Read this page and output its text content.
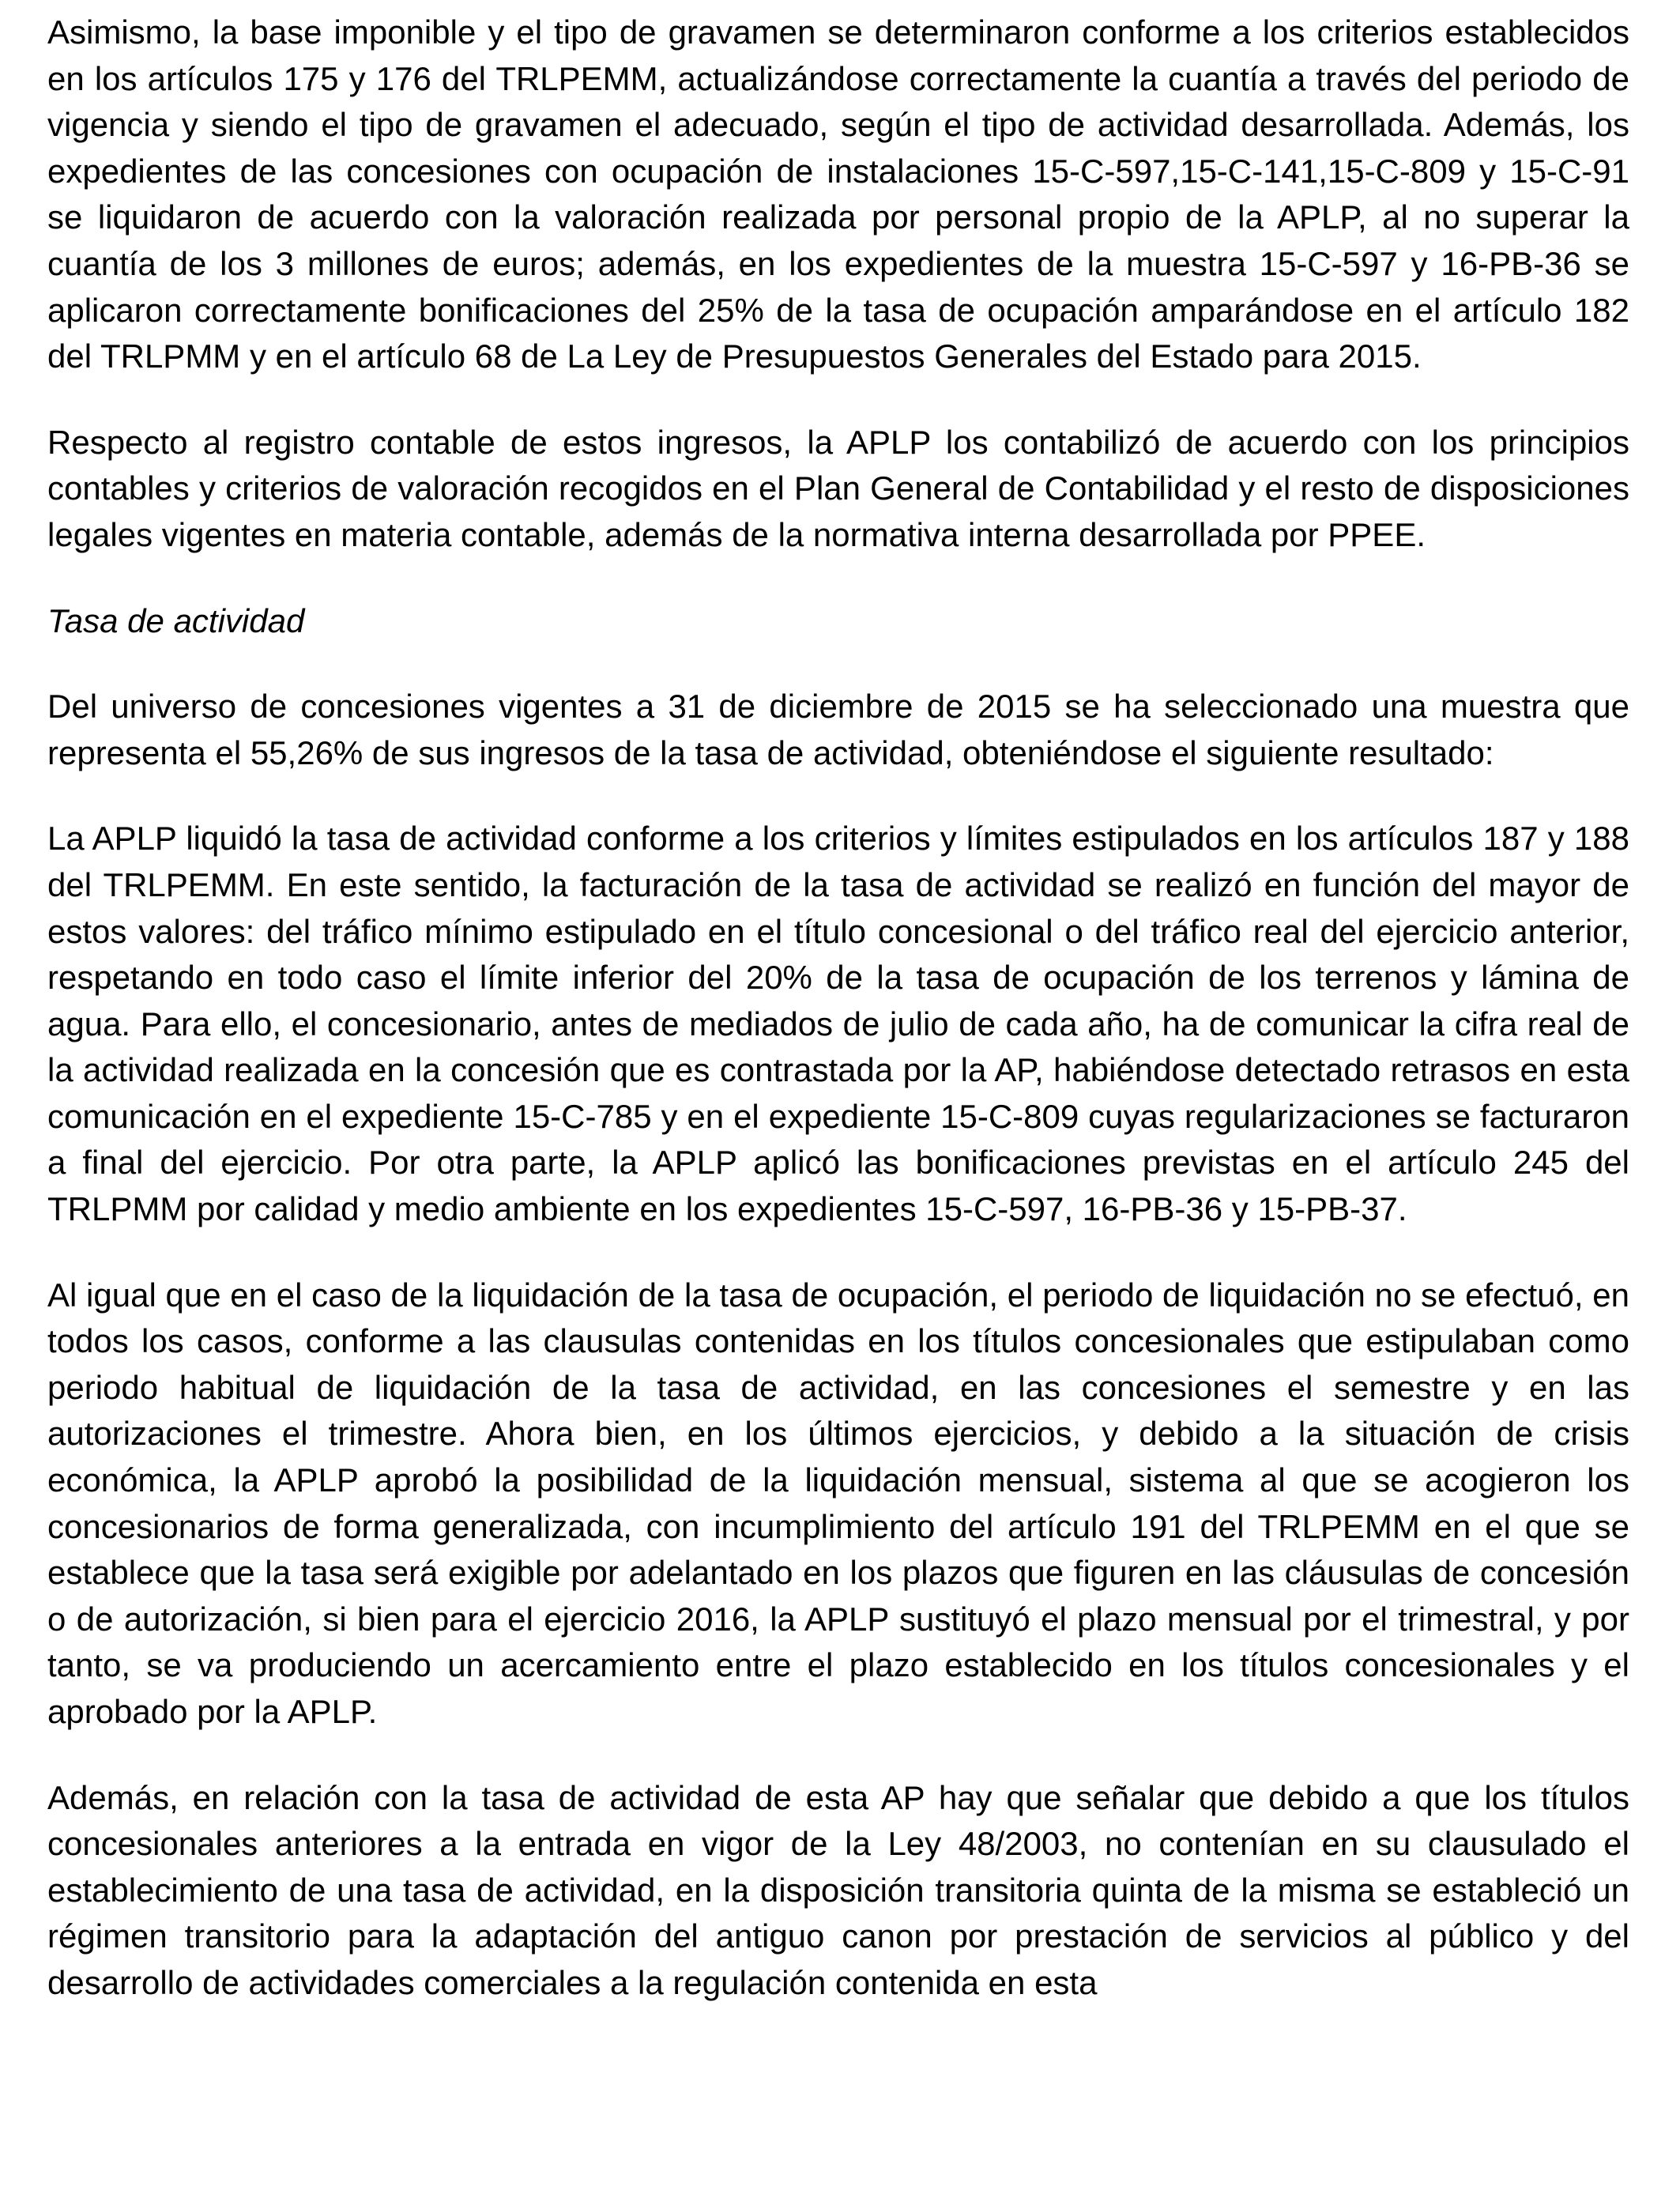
Asimismo, la base imponible y el tipo de gravamen se determinaron conforme a los criterios establecidos en los artículos 175 y 176 del TRLPEMM, actualizándose correctamente la cuantía a través del periodo de vigencia y siendo el tipo de gravamen el adecuado, según el tipo de actividad desarrollada. Además, los expedientes de las concesiones con ocupación de instalaciones 15-C-597,15-C-141,15-C-809 y 15-C-91 se liquidaron de acuerdo con la valoración realizada por personal propio de la APLP, al no superar la cuantía de los 3 millones de euros; además, en los expedientes de la muestra 15-C-597 y 16-PB-36 se aplicaron correctamente bonificaciones del 25% de la tasa de ocupación amparándose en el artículo 182 del TRLPMM y en el artículo 68 de La Ley de Presupuestos Generales del Estado para 2015.

Respecto al registro contable de estos ingresos, la APLP los contabilizó de acuerdo con los principios contables y criterios de valoración recogidos en el Plan General de Contabilidad y el resto de disposiciones legales vigentes en materia contable, además de la normativa interna desarrollada por PPEE.

Tasa de actividad

Del universo de concesiones vigentes a 31 de diciembre de 2015 se ha seleccionado una muestra que representa el 55,26% de sus ingresos de la tasa de actividad, obteniéndose el siguiente resultado:

La APLP liquidó la tasa de actividad conforme a los criterios y límites estipulados en los artículos 187 y 188 del TRLPEMM. En este sentido, la facturación de la tasa de actividad se realizó en función del mayor de estos valores: del tráfico mínimo estipulado en el título concesional o del tráfico real del ejercicio anterior, respetando en todo caso el límite inferior del 20% de la tasa de ocupación de los terrenos y lámina de agua. Para ello, el concesionario, antes de mediados de julio de cada año, ha de comunicar la cifra real de la actividad realizada en la concesión que es contrastada por la AP, habiéndose detectado retrasos en esta comunicación en el expediente 15-C-785 y en el expediente 15-C-809 cuyas regularizaciones se facturaron a final del ejercicio. Por otra parte, la APLP aplicó las bonificaciones previstas en el artículo 245 del TRLPMM por calidad y medio ambiente en los expedientes 15-C-597, 16-PB-36 y 15-PB-37.

Al igual que en el caso de la liquidación de la tasa de ocupación, el periodo de liquidación no se efectuó, en todos los casos, conforme a las clausulas contenidas en los títulos concesionales que estipulaban como periodo habitual de liquidación de la tasa de actividad, en las concesiones el semestre y en las autorizaciones el trimestre. Ahora bien, en los últimos ejercicios, y debido a la situación de crisis económica, la APLP aprobó la posibilidad de la liquidación mensual, sistema al que se acogieron los concesionarios de forma generalizada, con incumplimiento del artículo 191 del TRLPEMM en el que se establece que la tasa será exigible por adelantado en los plazos que figuren en las cláusulas de concesión o de autorización, si bien para el ejercicio 2016, la APLP sustituyó el plazo mensual por el trimestral, y por tanto, se va produciendo un acercamiento entre el plazo establecido en los títulos concesionales y el aprobado por la APLP.

Además, en relación con la tasa de actividad de esta AP hay que señalar que debido a que los títulos concesionales anteriores a la entrada en vigor de la Ley 48/2003, no contenían en su clausulado el establecimiento de una tasa de actividad, en la disposición transitoria quinta de la misma se estableció un régimen transitorio para la adaptación del antiguo canon por prestación de servicios al público y del desarrollo de actividades comerciales a la regulación contenida en esta
